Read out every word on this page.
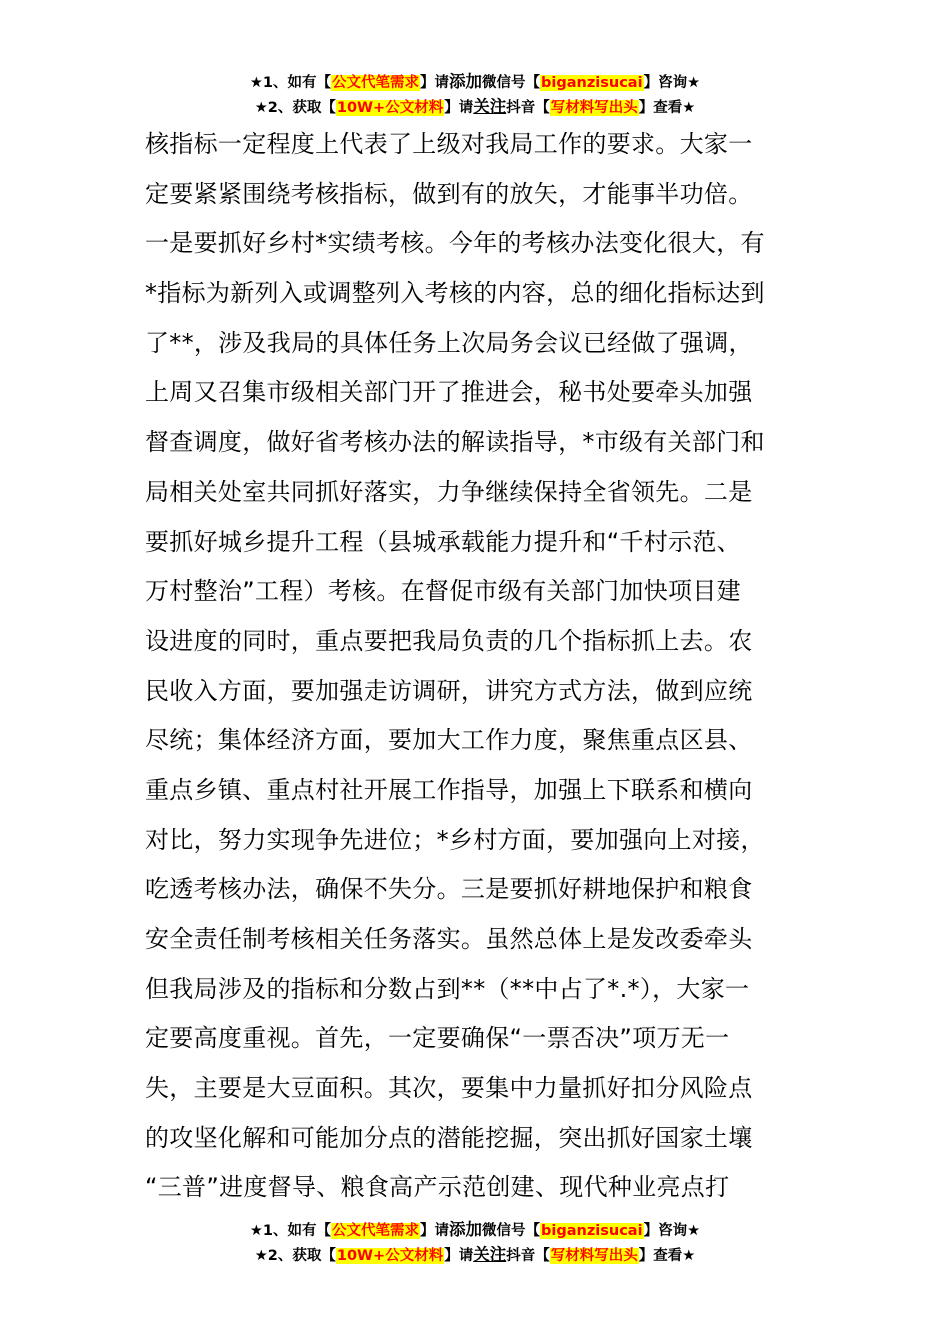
★1、如有【公文代笔需求】请添加微信号【biganzisucai】咨询★
★2、获取【10W+公文材料】请关注抖音【写材料写出头】查看★
核指标一定程度上代表了上级对我局工作的要求。大家一
定要紧紧围绕考核指标，做到有的放矢，才能事半功倍。
一是要抓好乡村*实绩考核。今年的考核办法变化很大，有
*指标为新列入或调整列入考核的内容，总的细化指标达到
了**，涉及我局的具体任务上次局务会议已经做了强调，
上周又召集市级相关部门开了推进会，秘书处要牵头加强
督查调度，做好省考核办法的解读指导，*市级有关部门和
局相关处室共同抓好落实，力争继续保持全省领先。二是
要抓好城乡提升工程（县城承载能力提升和“千村示范、
万村整治”工程）考核。在督促市级有关部门加快项目建
设进度的同时，重点要把我局负责的几个指标抓上去。农
民收入方面，要加强走访调研，讲究方式方法，做到应统
尽统；集体经济方面，要加大工作力度，聚焦重点区县、
重点乡镇、重点村社开展工作指导，加强上下联系和横向
对比，努力实现争先进位；*乡村方面，要加强向上对接，
吃透考核办法，确保不失分。三是要抓好耕地保护和粮食
安全责任制考核相关任务落实。虽然总体上是发改委牵头
但我局涉及的指标和分数占到**（**中占了*.*），大家一
定要高度重视。首先，一定要确保“一票否决”项万无一
失，主要是大豆面积。其次，要集中力量抓好扣分风险点
的攻坚化解和可能加分点的潜能挖掘，突出抓好国家土壤
“三普”进度督导、粮食高产示范创建、现代种业亮点打
★1、如有【公文代笔需求】请添加微信号【biganzisucai】咨询★
★2、获取【10W+公文材料】请关注抖音【写材料写出头】查看★
